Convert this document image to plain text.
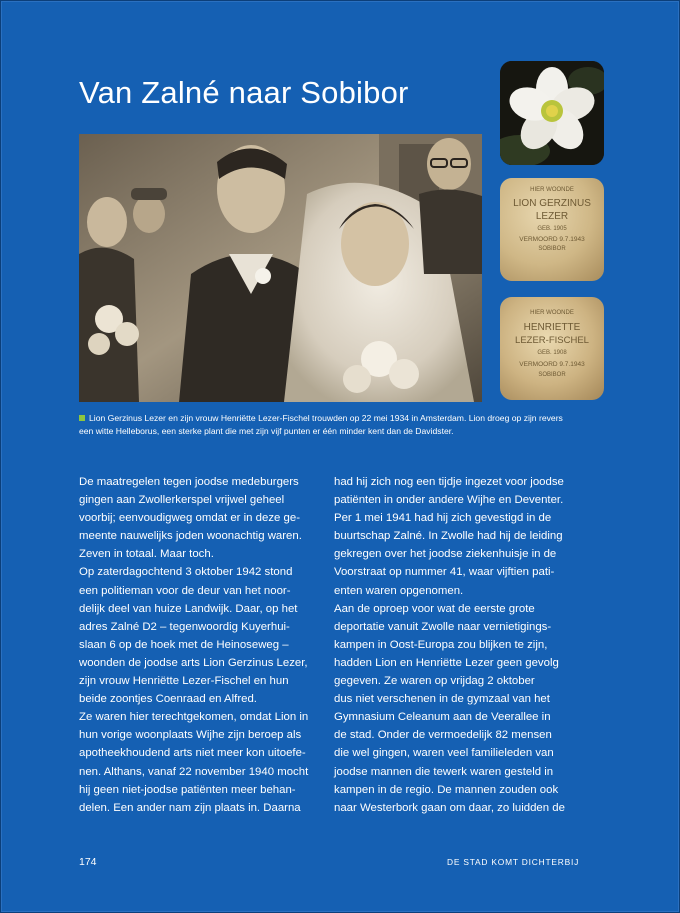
Van Zalné naar Sobibor
HIER WOONDE
LION GERZINUS
LEZER
GEB. 1905
VERMOORD 9.7.1943
SOBIBOR
HIER WOONDE
HENRIETTE
LEZER-FISCHEL
GEB. 1908
VERMOORD 9.7.1943
SOBIBOR
Lion Gerzinus Lezer en zijn vrouw Henriëtte Lezer-Fischel trouwden op 22 mei 1934 in Amsterdam. Lion droeg op zijn revers een witte Helleborus, een sterke plant die met zijn vijf punten er één minder kent dan de Davidster.

De maatregelen tegen joodse medeburgers

gingen aan Zwollerkerspel vrijwel geheel

voorbij; eenvoudigweg omdat er in deze ge-

meente nauwelijks joden woonachtig waren.

Zeven in totaal. Maar toch.

Op zaterdagochtend 3 oktober 1942 stond

een politieman voor de deur van het noor-

delijk deel van huize Landwijk. Daar, op het

adres Zalné D2 – tegenwoordig Kuyerhui-

slaan 6 op de hoek met de Heinoseweg –

woonden de joodse arts Lion Gerzinus Lezer,

zijn vrouw Henriëtte Lezer-Fischel en hun

beide zoontjes Coenraad en Alfred.

Ze waren hier terechtgekomen, omdat Lion in

hun vorige woonplaats Wijhe zijn beroep als

apotheekhoudend arts niet meer kon uitoefe-

nen. Althans, vanaf 22 november 1940 mocht

hij geen niet-joodse patiënten meer behan-

delen. Een ander nam zijn plaats in. Daarna

had hij zich nog een tijdje ingezet voor joodse

patiënten in onder andere Wijhe en Deventer.

Per 1 mei 1941 had hij zich gevestigd in de

buurtschap Zalné. In Zwolle had hij de leiding

gekregen over het joodse ziekenhuisje in de

Voorstraat op nummer 41, waar vijftien pati-

enten waren opgenomen.

Aan de oproep voor wat de eerste grote

deportatie vanuit Zwolle naar vernietigings-

kampen in Oost-Europa zou blijken te zijn,

hadden Lion en Henriëtte Lezer geen gevolg

gegeven. Ze waren op vrijdag 2 oktober

dus niet verschenen in de gymzaal van het

Gymnasium Celeanum aan de Veerallee in

de stad. Onder de vermoedelijk 82 mensen

die wel gingen, waren veel familieleden van

joodse mannen die tewerk waren gesteld in

kampen in de regio. De mannen zouden ook

naar Westerbork gaan om daar, zo luidden de

174	DE STAD KOMT DICHTERBIJ
